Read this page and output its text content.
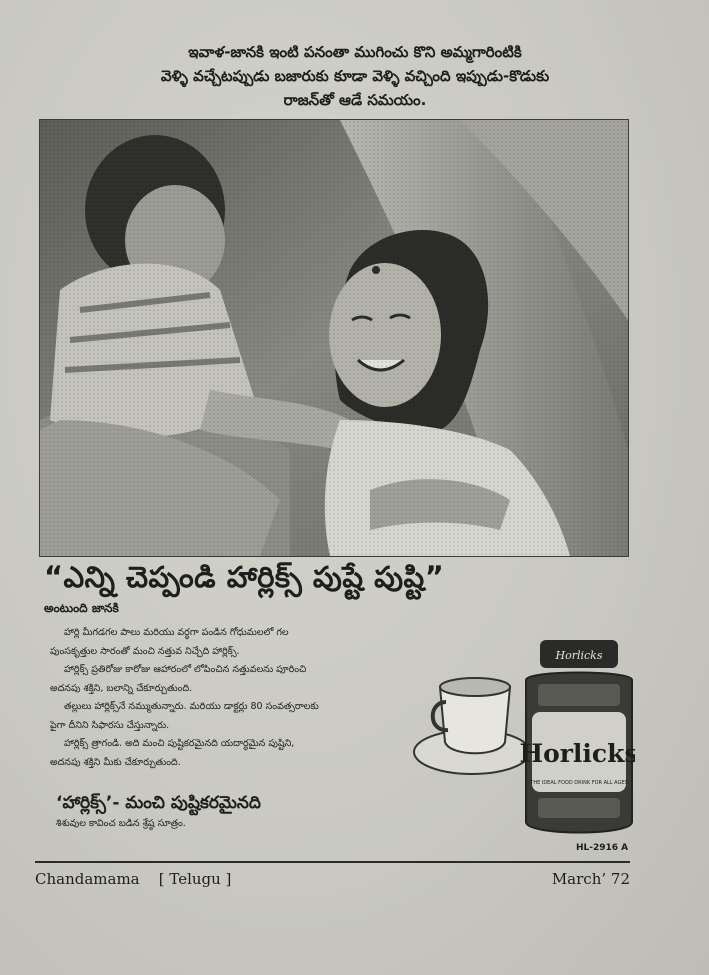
ఇవాళ-జానకి ఇంటి పనంతా ముగించు కొని అమ్మగారింటికి
వెళ్ళి వచ్చేటప్పుడు బజారుకు కూడా వెళ్ళి వచ్చింది ఇప్పుడు-కొడుకు
రాజన్‌తో ఆడే సమయం.
“ఎన్ని చెప్పండి హార్లిక్స్ పుష్టే పుష్టి”
అంటుంది జానకి

హార్లి మీగడగల పాలు మరియు వర్ధగా పండిన గోధుమలలో గల

పుంసకృత్తుల సారంతో మంచి నత్తువ నిచ్చేది హార్లిక్స్.

హార్లిక్స్ ప్రతిరోజు కారోజు ఆహారంలో లోపించిన నత్తువలను పూరించి

అదనపు శక్తిని, బలాన్ని చేకూర్చుతుంది.

తల్లులు హార్లిక్స్‌నే నమ్ముతున్నారు. మరియు డాక్టర్లు 80 సంవత్సరాలకు

పైగా దీనిని సిఫారసు చేస్తున్నారు.

హార్లిక్స్ త్రాగండి. అది మంచి పుష్టికరమైనది యదార్థమైన పుష్టిని,

అదనపు శక్తిని మీకు చేకూర్చుతుంది.

‘హార్లిక్స్’- మంచి పుష్టికరమైనది
శిశువుల కావించ బడిన శ్రేష్ఠ సూత్రం.
Horlicks
Horlicks
THE IDEAL FOOD DRINK FOR ALL AGES
HL-2916 A
Chandamama [ Telugu ]	March’ 72
